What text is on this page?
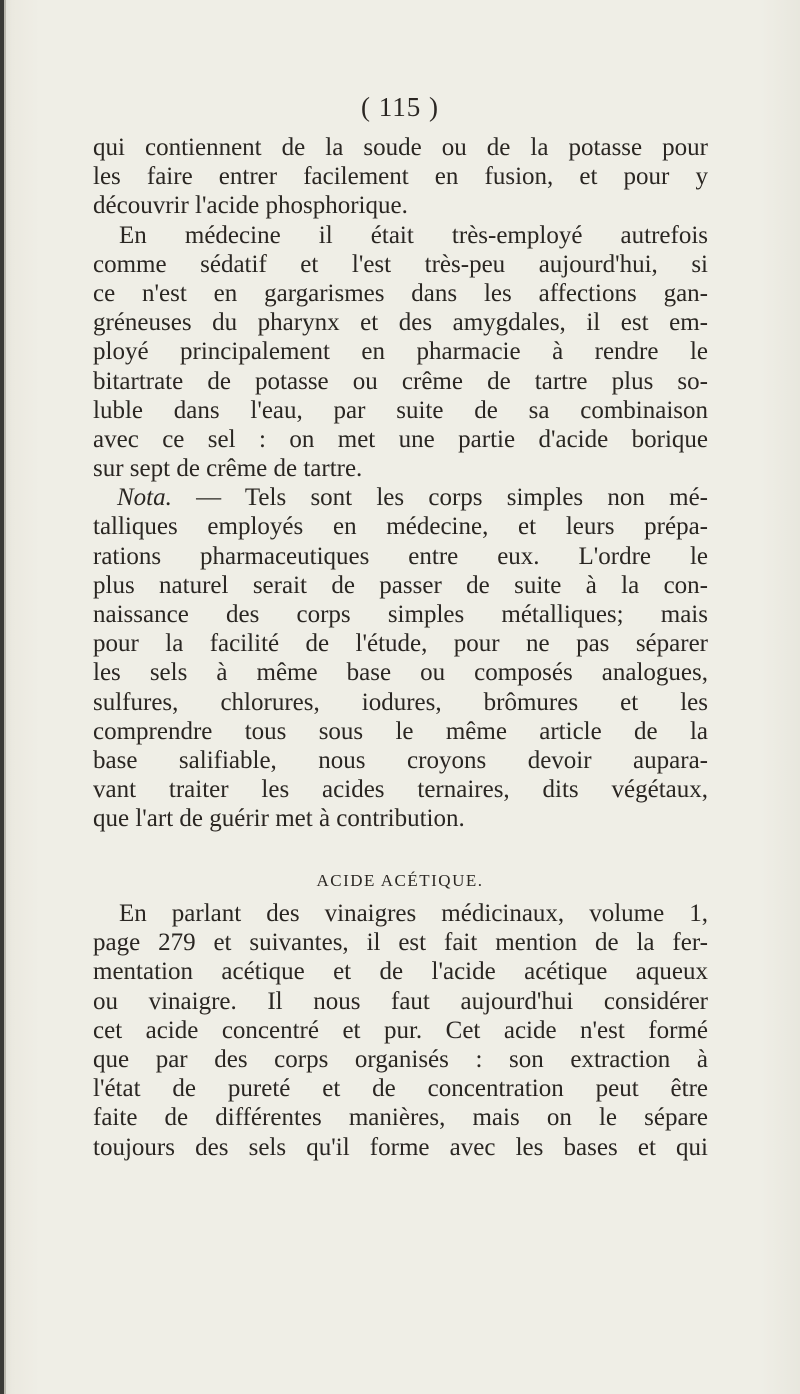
( 115 )
qui contiennent de la soude ou de la potasse pour
les faire entrer facilement en fusion, et pour y
découvrir l'acide phosphorique.
En médecine il était très-employé autrefois
comme sédatif et l'est très-peu aujourd'hui, si
ce n'est en gargarismes dans les affections gan-
gréneuses du pharynx et des amygdales, il est em-
ployé principalement en pharmacie à rendre le
bitartrate de potasse ou crême de tartre plus so-
luble dans l'eau, par suite de sa combinaison
avec ce sel : on met une partie d'acide borique
sur sept de crême de tartre.
Nota. — Tels sont les corps simples non mé-
talliques employés en médecine, et leurs prépa-
rations pharmaceutiques entre eux. L'ordre le
plus naturel serait de passer de suite à la con-
naissance des corps simples métalliques; mais
pour la facilité de l'étude, pour ne pas séparer
les sels à même base ou composés analogues,
sulfures, chlorures, iodures, brômures et les
comprendre tous sous le même article de la
base salifiable, nous croyons devoir aupara-
vant traiter les acides ternaires, dits végétaux,
que l'art de guérir met à contribution.
ACIDE ACÉTIQUE.
En parlant des vinaigres médicinaux, volume 1,
page 279 et suivantes, il est fait mention de la fer-
mentation acétique et de l'acide acétique aqueux
ou vinaigre. Il nous faut aujourd'hui considérer
cet acide concentré et pur. Cet acide n'est formé
que par des corps organisés : son extraction à
l'état de pureté et de concentration peut être
faite de différentes manières, mais on le sépare
toujours des sels qu'il forme avec les bases et qui
